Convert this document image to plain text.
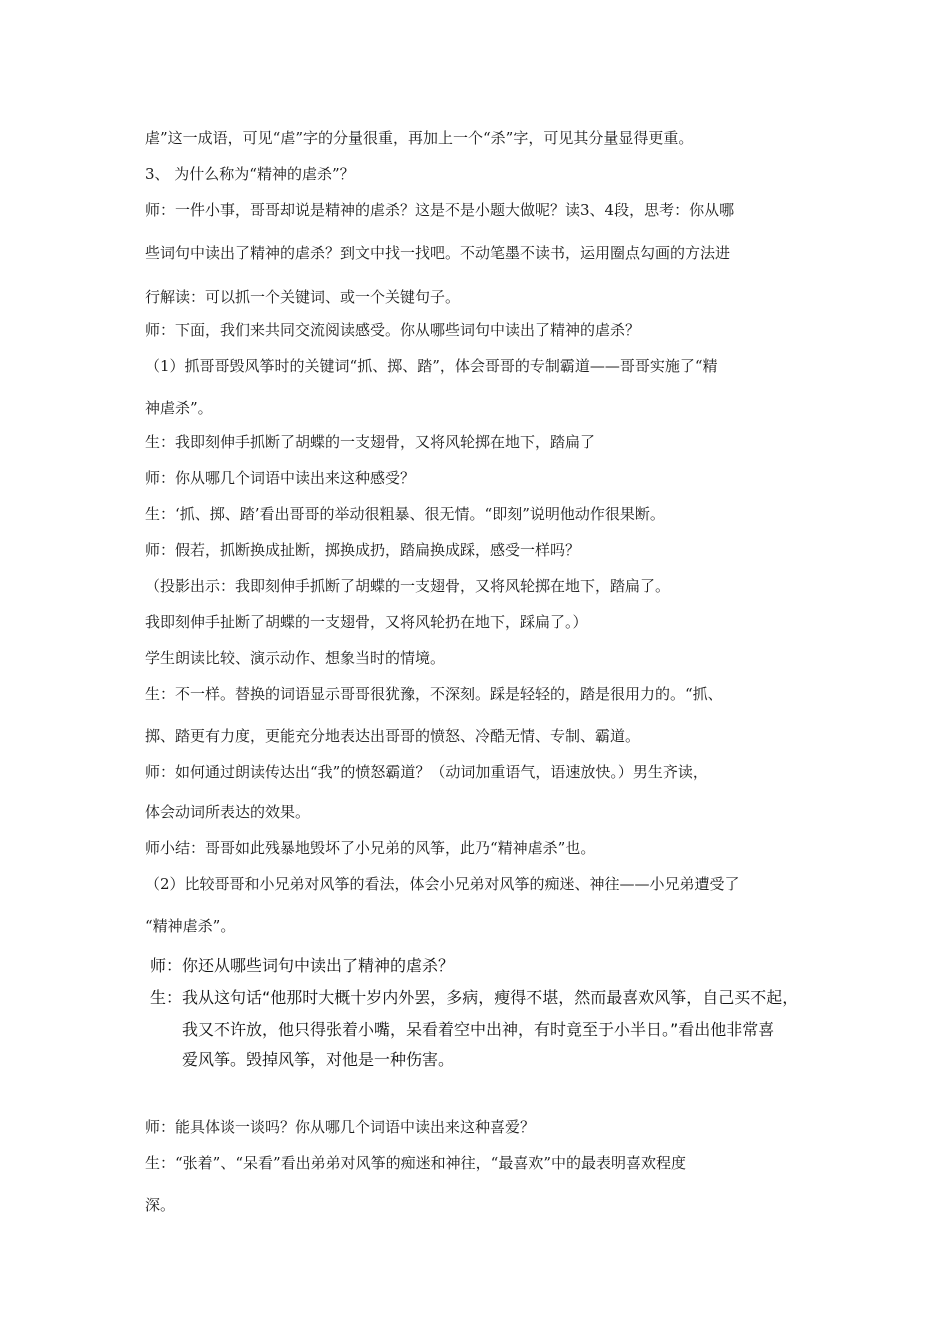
虐”这一成语，可见“虐”字的分量很重，再加上一个“杀”字，可见其分量显得更重。

3、 为什么称为“精神的虐杀”？

师：一件小事，哥哥却说是精神的虐杀？这是不是小题大做呢？读3、4段，思考：你从哪

些词句中读出了精神的虐杀？到文中找一找吧。不动笔墨不读书，运用圈点勾画的方法进

行解读：可以抓一个关键词、或一个关键句子。

师：下面，我们来共同交流阅读感受。你从哪些词句中读出了精神的虐杀？

（1）抓哥哥毁风筝时的关键词“抓、掷、踏”，体会哥哥的专制霸道——哥哥实施了“精

神虐杀”。

生：我即刻伸手抓断了胡蝶的一支翅骨，又将风轮掷在地下，踏扁了

师：你从哪几个词语中读出来这种感受？

生：‘抓、掷、踏’看出哥哥的举动很粗暴、很无情。“即刻”说明他动作很果断。

师：假若，抓断换成扯断，掷换成扔，踏扁换成踩，感受一样吗？

（投影出示：我即刻伸手抓断了胡蝶的一支翅骨，又将风轮掷在地下，踏扁了。

我即刻伸手扯断了胡蝶的一支翅骨，又将风轮扔在地下，踩扁了。）

学生朗读比较、演示动作、想象当时的情境。

生：不一样。替换的词语显示哥哥很犹豫，不深刻。踩是轻轻的，踏是很用力的。“抓、

掷、踏更有力度，更能充分地表达出哥哥的愤怒、冷酷无情、专制、霸道。

师：如何通过朗读传达出“我”的愤怒霸道？（动词加重语气，语速放快。）男生齐读，

体会动词所表达的效果。

师小结：哥哥如此残暴地毁坏了小兄弟的风筝，此乃“精神虐杀”也。

（2）比较哥哥和小兄弟对风筝的看法，体会小兄弟对风筝的痴迷、神往——小兄弟遭受了

“精神虐杀”。

师：你还从哪些词句中读出了精神的虐杀？
生：我从这句话“他那时大概十岁内外罢，多病，瘦得不堪，然而最喜欢风筝，自己买不起，
我又不许放，他只得张着小嘴，呆看着空中出神，有时竟至于小半日。”看出他非常喜
爱风筝。毁掉风筝，对他是一种伤害。

师：能具体谈一谈吗？你从哪几个词语中读出来这种喜爱？

生：“张着”、“呆看”看出弟弟对风筝的痴迷和神往，“最喜欢”中的最表明喜欢程度

深。
